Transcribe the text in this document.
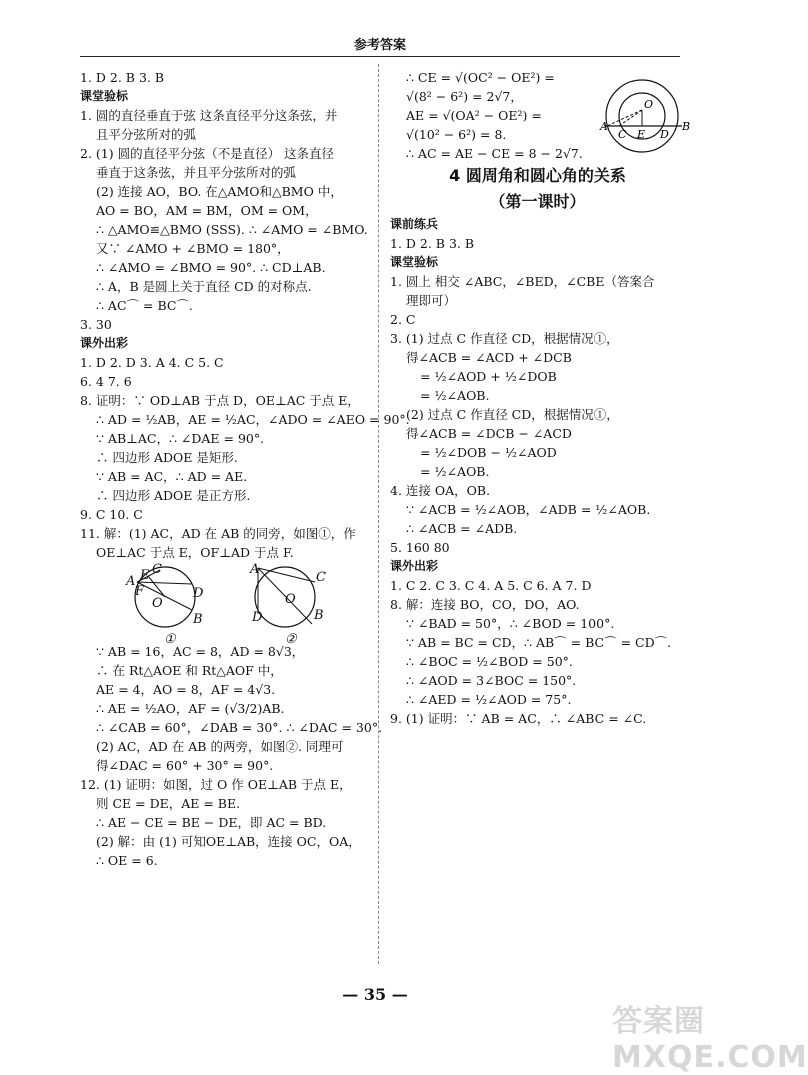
参考答案
1. D 2. B 3. B
课堂验标
1. 圆的直径垂直于弦 这条直径平分这条弦，并
且平分弦所对的弧
2. (1) 圆的直径平分弦（不是直径） 这条直径
垂直于这条弦，并且平分弦所对的弧
(2) 连接 AO，BO. 在△AMO和△BMO 中，
AO = BO，AM = BM，OM = OM，
∴ △AMO≌△BMO (SSS). ∴ ∠AMO = ∠BMO.
又∵ ∠AMO + ∠BMO = 180°，
∴ ∠AMO = ∠BMO = 90°. ∴ CD⊥AB.
∴ A，B 是圆上关于直径 CD 的对称点.
∴ AC⌒ = BC⌒.
3. 30
课外出彩
1. D 2. D 3. A 4. C 5. C
6. 4 7. 6
8. 证明：∵ OD⊥AB 于点 D，OE⊥AC 于点 E，
∴ AD = ½AB，AE = ½AC，∠ADO = ∠AEO = 90°.
∵ AB⊥AC，∴ ∠DAE = 90°.
∴ 四边形 ADOE 是矩形.
∵ AB = AC，∴ AD = AE.
∴ 四边形 ADOE 是正方形.
9. C 10. C
11. 解：(1) AC，AD 在 AB 的同旁，如图①，作
OE⊥AC 于点 E，OF⊥AD 于点 F.
A E C
F
O
D
B
①
A
C
O
D	B
②
∵ AB = 16，AC = 8，AD = 8√3，
∴ 在 Rt△AOE 和 Rt△AOF 中，
AE = 4，AO = 8，AF = 4√3.
∴ AE = ½AO，AF = (√3/2)AB.
∴ ∠CAB = 60°，∠DAB = 30°. ∴ ∠DAC = 30°.
(2) AC，AD 在 AB 的两旁，如图②. 同理可
得∠DAC = 60° + 30° = 90°.
12. (1) 证明：如图，过 O 作 OE⊥AB 于点 E，
则 CE = DE，AE = BE.
∴ AE − CE = BE − DE，即 AC = BD.
(2) 解：由 (1) 可知OE⊥AB，连接 OC，OA，
∴ OE = 6.
∴ CE = √(OC² − OE²) =
√(8² − 6²) = 2√7，
AE = √(OA² − OE²) =
√(10² − 6²) = 8.
∴ AC = AE − CE = 8 − 2√7.
4 圆周角和圆心角的关系
（第一课时）
课前练兵
1. D 2. B 3. B
课堂验标
1. 圆上 相交 ∠ABC，∠BED，∠CBE（答案合
理即可）
2. C
3. (1) 过点 C 作直径 CD，根据情况①，
得∠ACB = ∠ACD + ∠DCB
= ½∠AOD + ½∠DOB
= ½∠AOB.
(2) 过点 C 作直径 CD，根据情况①，
得∠ACB = ∠DCB − ∠ACD
= ½∠DOB − ½∠AOD
= ½∠AOB.
4. 连接 OA，OB.
∵ ∠ACB = ½∠AOB，∠ADB = ½∠AOB.
∴ ∠ACB = ∠ADB.
5. 160 80
课外出彩
1. C 2. C 3. C 4. A 5. C 6. A 7. D
8. 解：连接 BO，CO，DO，AO.
∵ ∠BAD = 50°，∴ ∠BOD = 100°.
∵ AB = BC = CD，∴ AB⌒ = BC⌒ = CD⌒.
∴ ∠BOC = ½∠BOD = 50°.
∴ ∠AOD = 3∠BOC = 150°.
∴ ∠AED = ½∠AOD = 75°.
9. (1) 证明：∵ AB = AC，∴ ∠ABC = ∠C.
O
A
C E D
B
— 35 —
答案圈 MXQE.COM
